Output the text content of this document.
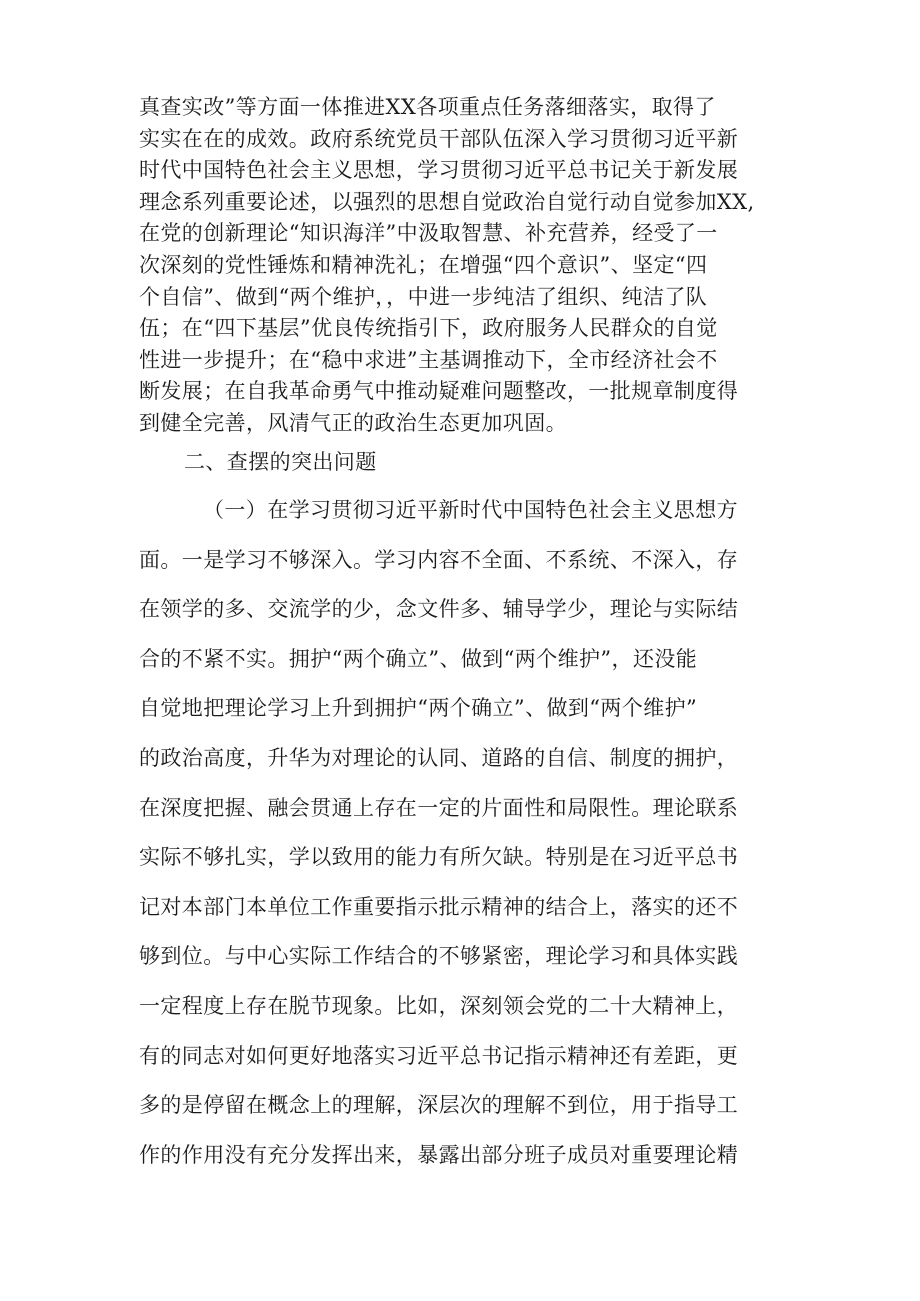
真查实改”等方面一体推进XX各项重点任务落细落实，取得了
实实在在的成效。政府系统党员干部队伍深入学习贯彻习近平新
时代中国特色社会主义思想，学习贯彻习近平总书记关于新发展
理念系列重要论述，以强烈的思想自觉政治自觉行动自觉参加XX,
在党的创新理论“知识海洋”中汲取智慧、补充营养，经受了一
次深刻的党性锤炼和精神洗礼；在增强“四个意识”、坚定“四
个自信”、做到“两个维护，，中进一步纯洁了组织、纯洁了队
伍；在“四下基层”优良传统指引下，政府服务人民群众的自觉
性进一步提升；在“稳中求进”主基调推动下，全市经济社会不
断发展；在自我革命勇气中推动疑难问题整改，一批规章制度得
到健全完善，风清气正的政治生态更加巩固。
二、查摆的突出问题
（一）在学习贯彻习近平新时代中国特色社会主义思想方
面。一是学习不够深入。学习内容不全面、不系统、不深入，存
在领学的多、交流学的少，念文件多、辅导学少，理论与实际结
合的不紧不实。拥护“两个确立”、做到“两个维护”，还没能
自觉地把理论学习上升到拥护“两个确立”、做到“两个维护”
的政治高度，升华为对理论的认同、道路的自信、制度的拥护，
在深度把握、融会贯通上存在一定的片面性和局限性。理论联系
实际不够扎实，学以致用的能力有所欠缺。特别是在习近平总书
记对本部门本单位工作重要指示批示精神的结合上，落实的还不
够到位。与中心实际工作结合的不够紧密，理论学习和具体实践
一定程度上存在脱节现象。比如，深刻领会党的二十大精神上，
有的同志对如何更好地落实习近平总书记指示精神还有差距，更
多的是停留在概念上的理解，深层次的理解不到位，用于指导工
作的作用没有充分发挥出来，暴露出部分班子成员对重要理论精
